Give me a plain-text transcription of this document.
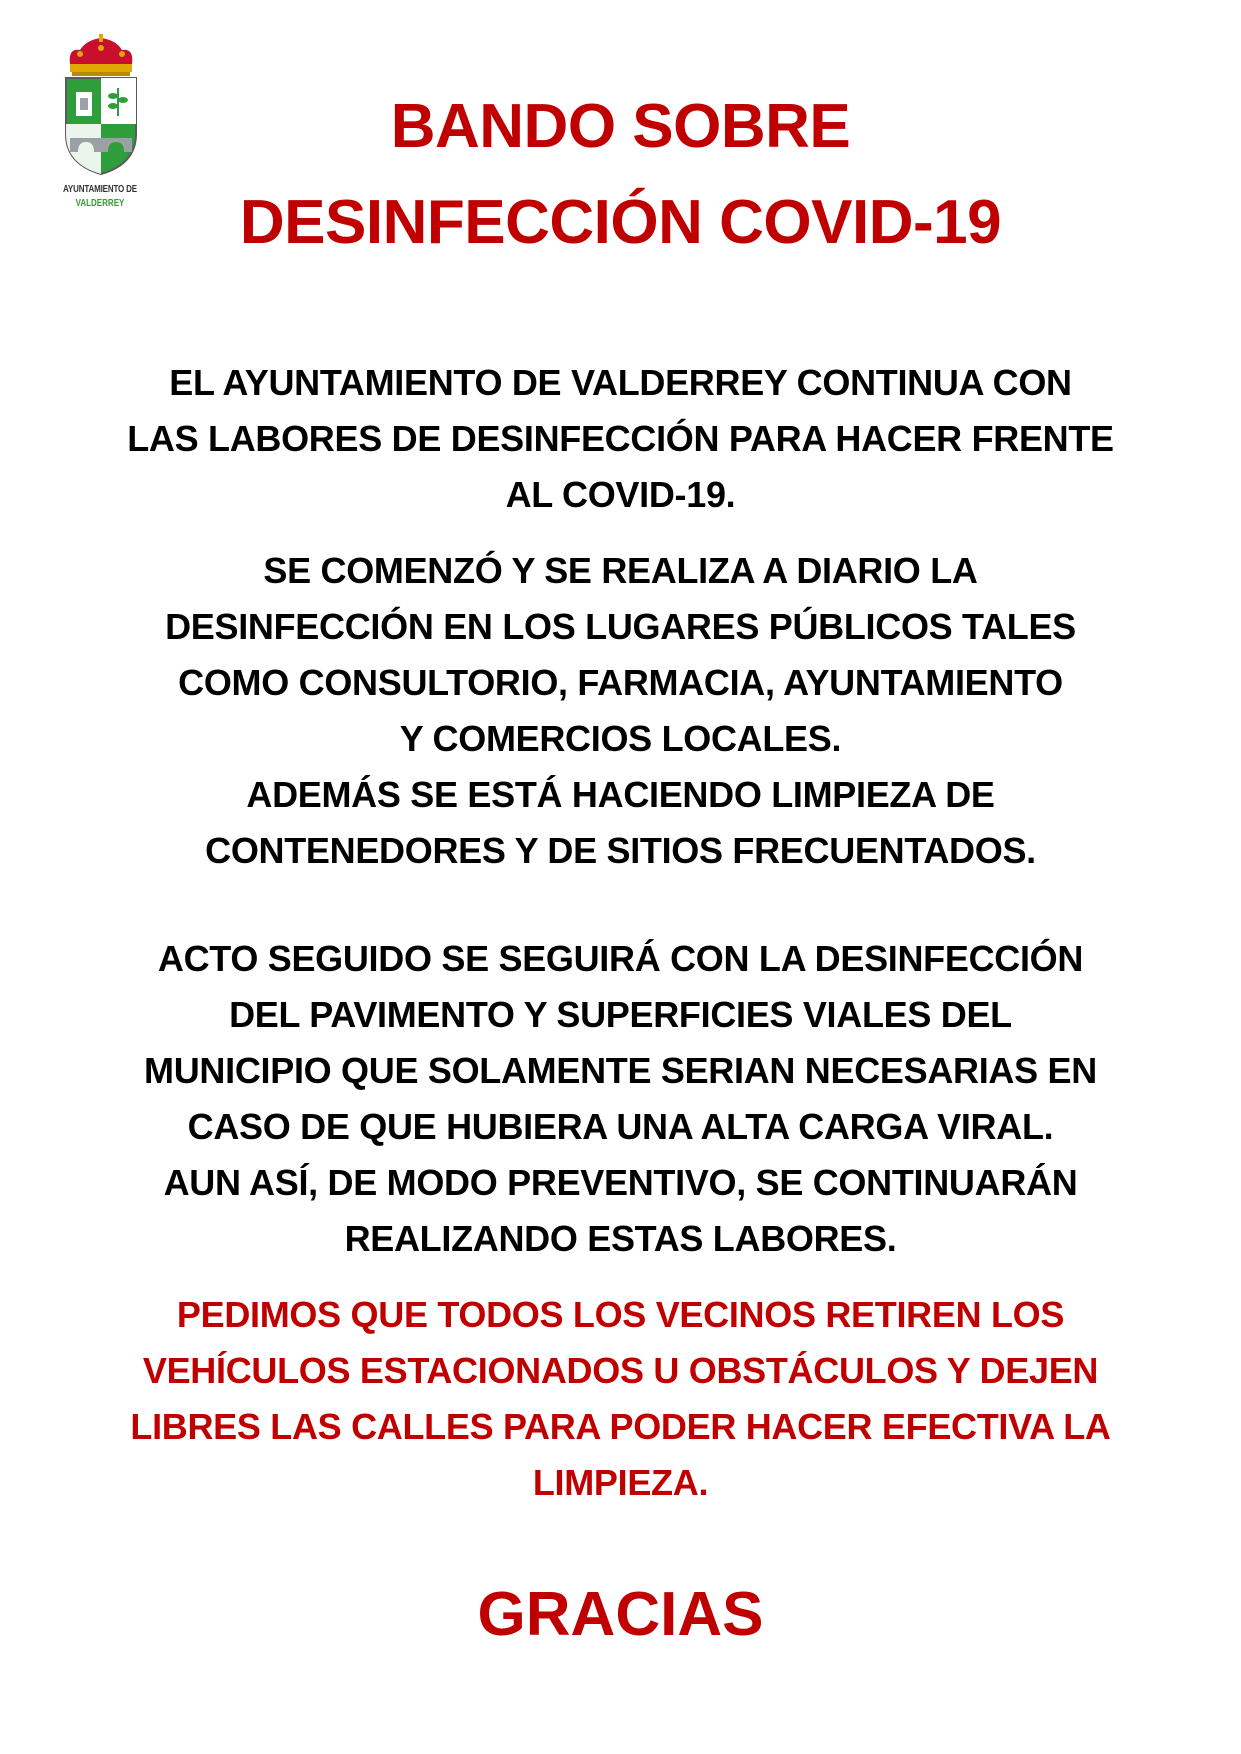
AYUNTAMIENTO DE
VALDERREY
BANDO SOBRE
DESINFECCIÓN COVID-19
EL AYUNTAMIENTO DE VALDERREY CONTINUA CON
LAS LABORES DE DESINFECCIÓN PARA HACER FRENTE
AL COVID-19.
SE COMENZÓ Y SE REALIZA A DIARIO LA
DESINFECCIÓN EN LOS LUGARES PÚBLICOS TALES
COMO CONSULTORIO, FARMACIA, AYUNTAMIENTO
Y COMERCIOS LOCALES.
ADEMÁS SE ESTÁ HACIENDO LIMPIEZA DE
CONTENEDORES Y DE SITIOS FRECUENTADOS.
ACTO SEGUIDO SE SEGUIRÁ CON LA DESINFECCIÓN
DEL PAVIMENTO Y SUPERFICIES VIALES DEL
MUNICIPIO QUE SOLAMENTE SERIAN NECESARIAS EN
CASO DE QUE HUBIERA UNA ALTA CARGA VIRAL.
AUN ASÍ, DE MODO PREVENTIVO, SE CONTINUARÁN
REALIZANDO ESTAS LABORES.
PEDIMOS QUE TODOS LOS VECINOS RETIREN LOS
VEHÍCULOS ESTACIONADOS U OBSTÁCULOS Y DEJEN
LIBRES LAS CALLES PARA PODER HACER EFECTIVA LA
LIMPIEZA.
GRACIAS
